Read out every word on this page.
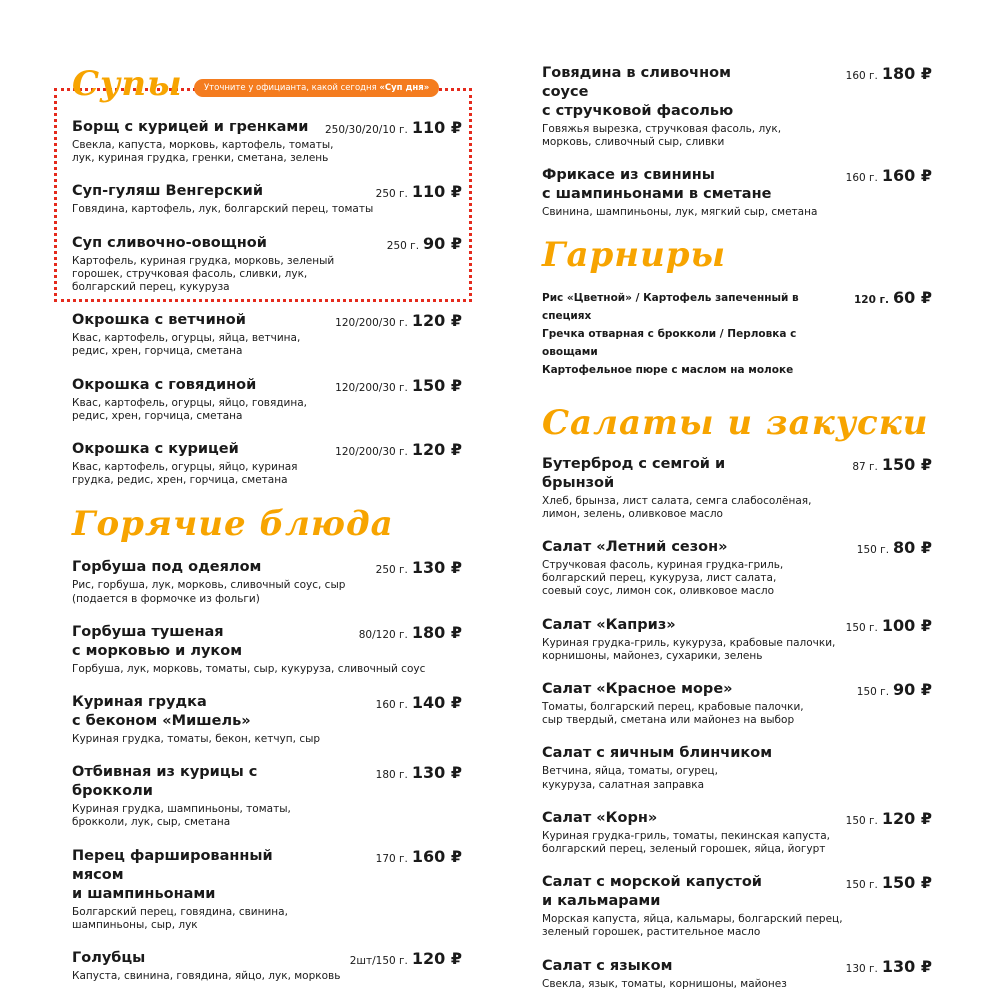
Уточните у официанта, какой сегодня «Суп дня»
Супы
Борщ с курицей и гренками	250/30/20/10 г. 110 ₽
Свекла, капуста, морковь, картофель, томаты,
лук, куриная грудка, гренки, сметана, зелень
Суп-гуляш Венгерский	250 г. 110 ₽
Говядина, картофель, лук, болгарский перец, томаты
Суп сливочно-овощной	250 г. 90 ₽
Картофель, куриная грудка, морковь, зеленый
горошек, стручковая фасоль, сливки, лук,
болгарский перец, кукуруза
Окрошка с ветчиной	120/200/30 г. 120 ₽
Квас, картофель, огурцы, яйца, ветчина,
редис, хрен, горчица, сметана
Окрошка с говядиной	120/200/30 г. 150 ₽
Квас, картофель, огурцы, яйцо, говядина,
редис, хрен, горчица, сметана
Окрошка с курицей	120/200/30 г. 120 ₽
Квас, картофель, огурцы, яйцо, куриная
грудка, редис, хрен, горчица, сметана
Горячие блюда
Горбуша под одеялом	250 г. 130 ₽
Рис, горбуша, лук, морковь, сливочный соус, сыр
(подается в формочке из фольги)
Горбуша тушеная
с морковью и луком
80/120 г. 180 ₽
Горбуша, лук, морковь, томаты, сыр, кукуруза, сливочный соус
Куриная грудка
с беконом «Мишель»
160 г. 140 ₽
Куриная грудка, томаты, бекон, кетчуп, сыр
Отбивная из курицы с брокколи
180 г. 130 ₽
Куриная грудка, шампиньоны, томаты,
брокколи, лук, сыр, сметана
Перец фаршированный мясом
и шампиньонами
170 г. 160 ₽
Болгарский перец, говядина, свинина,
шампиньоны, сыр, лук
Голубцы	2шт/150 г. 120 ₽
Капуста, свинина, говядина, яйцо, лук, морковь
Говядина в сливочном соусе
с стручковой фасолью
160 г. 180 ₽
Говяжья вырезка, стручковая фасоль, лук,
морковь, сливочный сыр, сливки
Фрикасе из свинины
с шампиньонами в сметане
160 г. 160 ₽
Свинина, шампиньоны, лук, мягкий сыр, сметана
Гарниры
Рис «Цветной» / Картофель запеченный в специях
Гречка отварная с брокколи / Перловка с овощами
Картофельное пюре с маслом на молоке
120 г. 60 ₽
Салаты и закуски
Бутерброд с семгой и брынзой
87 г. 150 ₽
Хлеб, брынза, лист салата, семга слабосолёная,
лимон, зелень, оливковое масло
Салат «Летний сезон»	150 г. 80 ₽
Стручковая фасоль, куриная грудка-гриль,
болгарский перец, кукуруза, лист салата,
соевый соус, лимон сок, оливковое масло
Салат «Каприз»	150 г. 100 ₽
Куриная грудка-гриль, кукуруза, крабовые палочки,
корнишоны, майонез, сухарики, зелень
Салат «Красное море»	150 г. 90 ₽
Томаты, болгарский перец, крабовые палочки,
сыр твердый, сметана или майонез на выбор
Салат с яичным блинчиком
Ветчина, яйца, томаты, огурец,
кукуруза, салатная заправка
Салат «Корн»	150 г. 120 ₽
Куриная грудка-гриль, томаты, пекинская капуста,
болгарский перец, зеленый горошек, яйца, йогурт
Салат с морской капустой
и кальмарами
150 г. 150 ₽
Морская капуста, яйца, кальмары, болгарский перец,
зеленый горошек, растительное масло
Салат с языком	130 г. 130 ₽
Свекла, язык, томаты, корнишоны, майонез
